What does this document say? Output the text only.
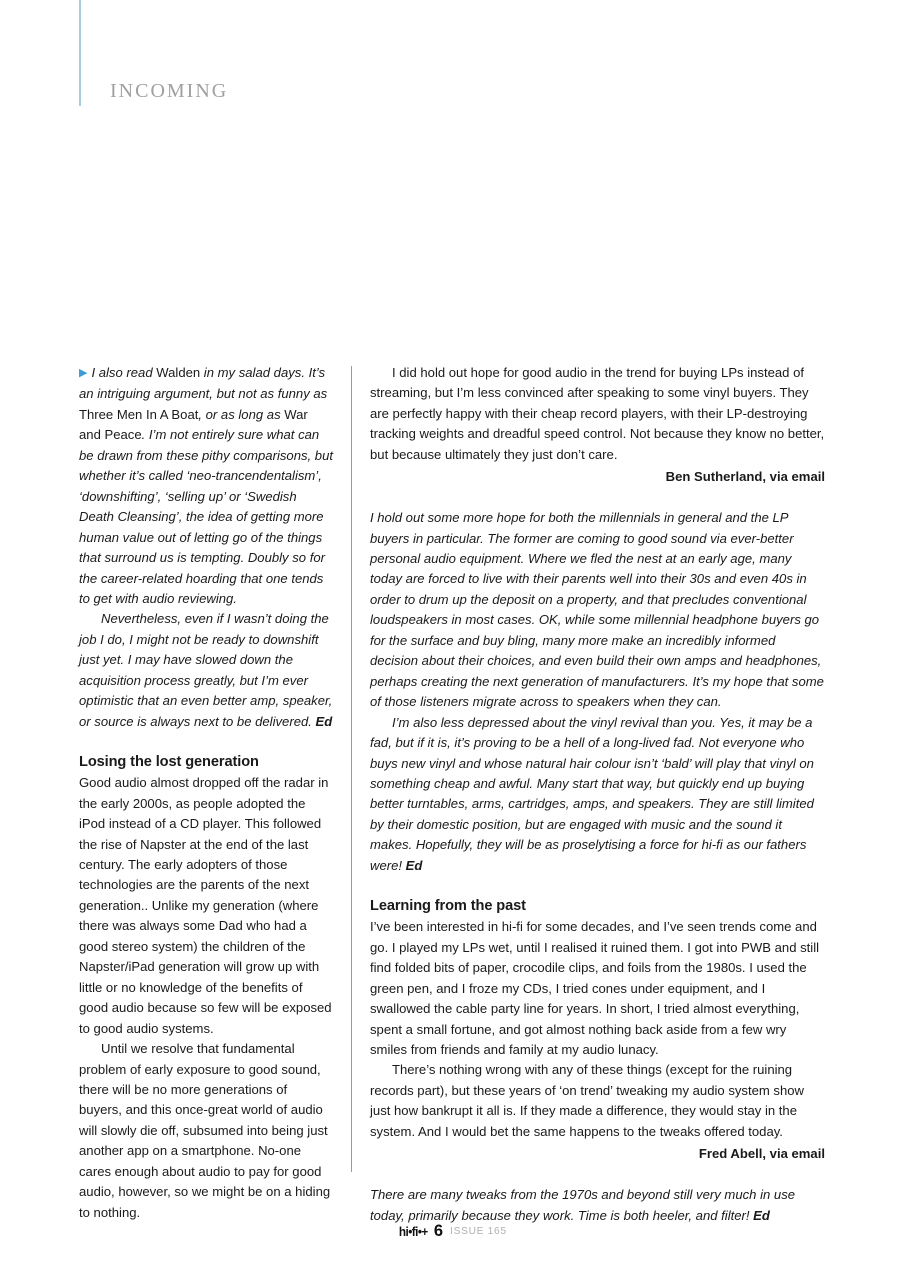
INCOMING

▶ I also read Walden in my salad days. It’s an intriguing argument, but not as funny as Three Men In A Boat, or as long as War and Peace. I’m not entirely sure what can be drawn from these pithy comparisons, but whether it’s called ‘neo-trancendentalism’, ‘downshifting’, ‘selling up’ or ‘Swedish Death Cleansing’, the idea of getting more human value out of letting go of the things that surround us is tempting. Doubly so for the career-related hoarding that one tends to get with audio reviewing.

Nevertheless, even if I wasn’t doing the job I do, I might not be ready to downshift just yet. I may have slowed down the acquisition process greatly, but I’m ever optimistic that an even better amp, speaker, or source is always next to be delivered. Ed

Losing the lost generation

Good audio almost dropped off the radar in the early 2000s, as people adopted the iPod instead of a CD player. This followed the rise of Napster at the end of the last century. The early adopters of those technologies are the parents of the next generation.. Unlike my generation (where there was always some Dad who had a good stereo system) the children of the Napster/iPad generation will grow up with little or no knowledge of the benefits of good audio because so few will be exposed to good audio systems.

Until we resolve that fundamental problem of early exposure to good sound, there will be no more generations of buyers, and this once-great world of audio will slowly die off, subsumed into being just another app on a smartphone. No-one cares enough about audio to pay for good audio, however, so we might be on a hiding to nothing.

I did hold out hope for good audio in the trend for buying LPs instead of streaming, but I’m less convinced after speaking to some vinyl buyers. They are perfectly happy with their cheap record players, with their LP-destroying tracking weights and dreadful speed control. Not because they know no better, but because ultimately they just don’t care.

Ben Sutherland, via email

I hold out some more hope for both the millennials in general and the LP buyers in particular. The former are coming to good sound via ever-better personal audio equipment. Where we fled the nest at an early age, many today are forced to live with their parents well into their 30s and even 40s in order to drum up the deposit on a property, and that precludes conventional loudspeakers in most cases. OK, while some millennial headphone buyers go for the surface and buy bling, many more make an incredibly informed decision about their choices, and even build their own amps and headphones, perhaps creating the next generation of manufacturers. It’s my hope that some of those listeners migrate across to speakers when they can.

I’m also less depressed about the vinyl revival than you. Yes, it may be a fad, but if it is, it’s proving to be a hell of a long-lived fad. Not everyone who buys new vinyl and whose natural hair colour isn’t ‘bald’ will play that vinyl on something cheap and awful. Many start that way, but quickly end up buying better turntables, arms, cartridges, amps, and speakers. They are still limited by their domestic position, but are engaged with music and the sound it makes. Hopefully, they will be as proselytising a force for hi-fi as our fathers were! Ed

Learning from the past

I’ve been interested in hi-fi for some decades, and I’ve seen trends come and go. I played my LPs wet, until I realised it ruined them. I got into PWB and still find folded bits of paper, crocodile clips, and foils from the 1980s. I used the green pen, and I froze my CDs, I tried cones under equipment, and I swallowed the cable party line for years. In short, I tried almost everything, spent a small fortune, and got almost nothing back aside from a few wry smiles from friends and family at my audio lunacy.

There’s nothing wrong with any of these things (except for the ruining records part), but these years of ‘on trend’ tweaking my audio system show just how bankrupt it all is. If they made a difference, they would stay in the system. And I would bet the same happens to the tweaks offered today.

Fred Abell, via email

There are many tweaks from the 1970s and beyond still very much in use today, primarily because they work. Time is both heeler, and filter! Ed

hi•fi•+ 6 ISSUE 165
